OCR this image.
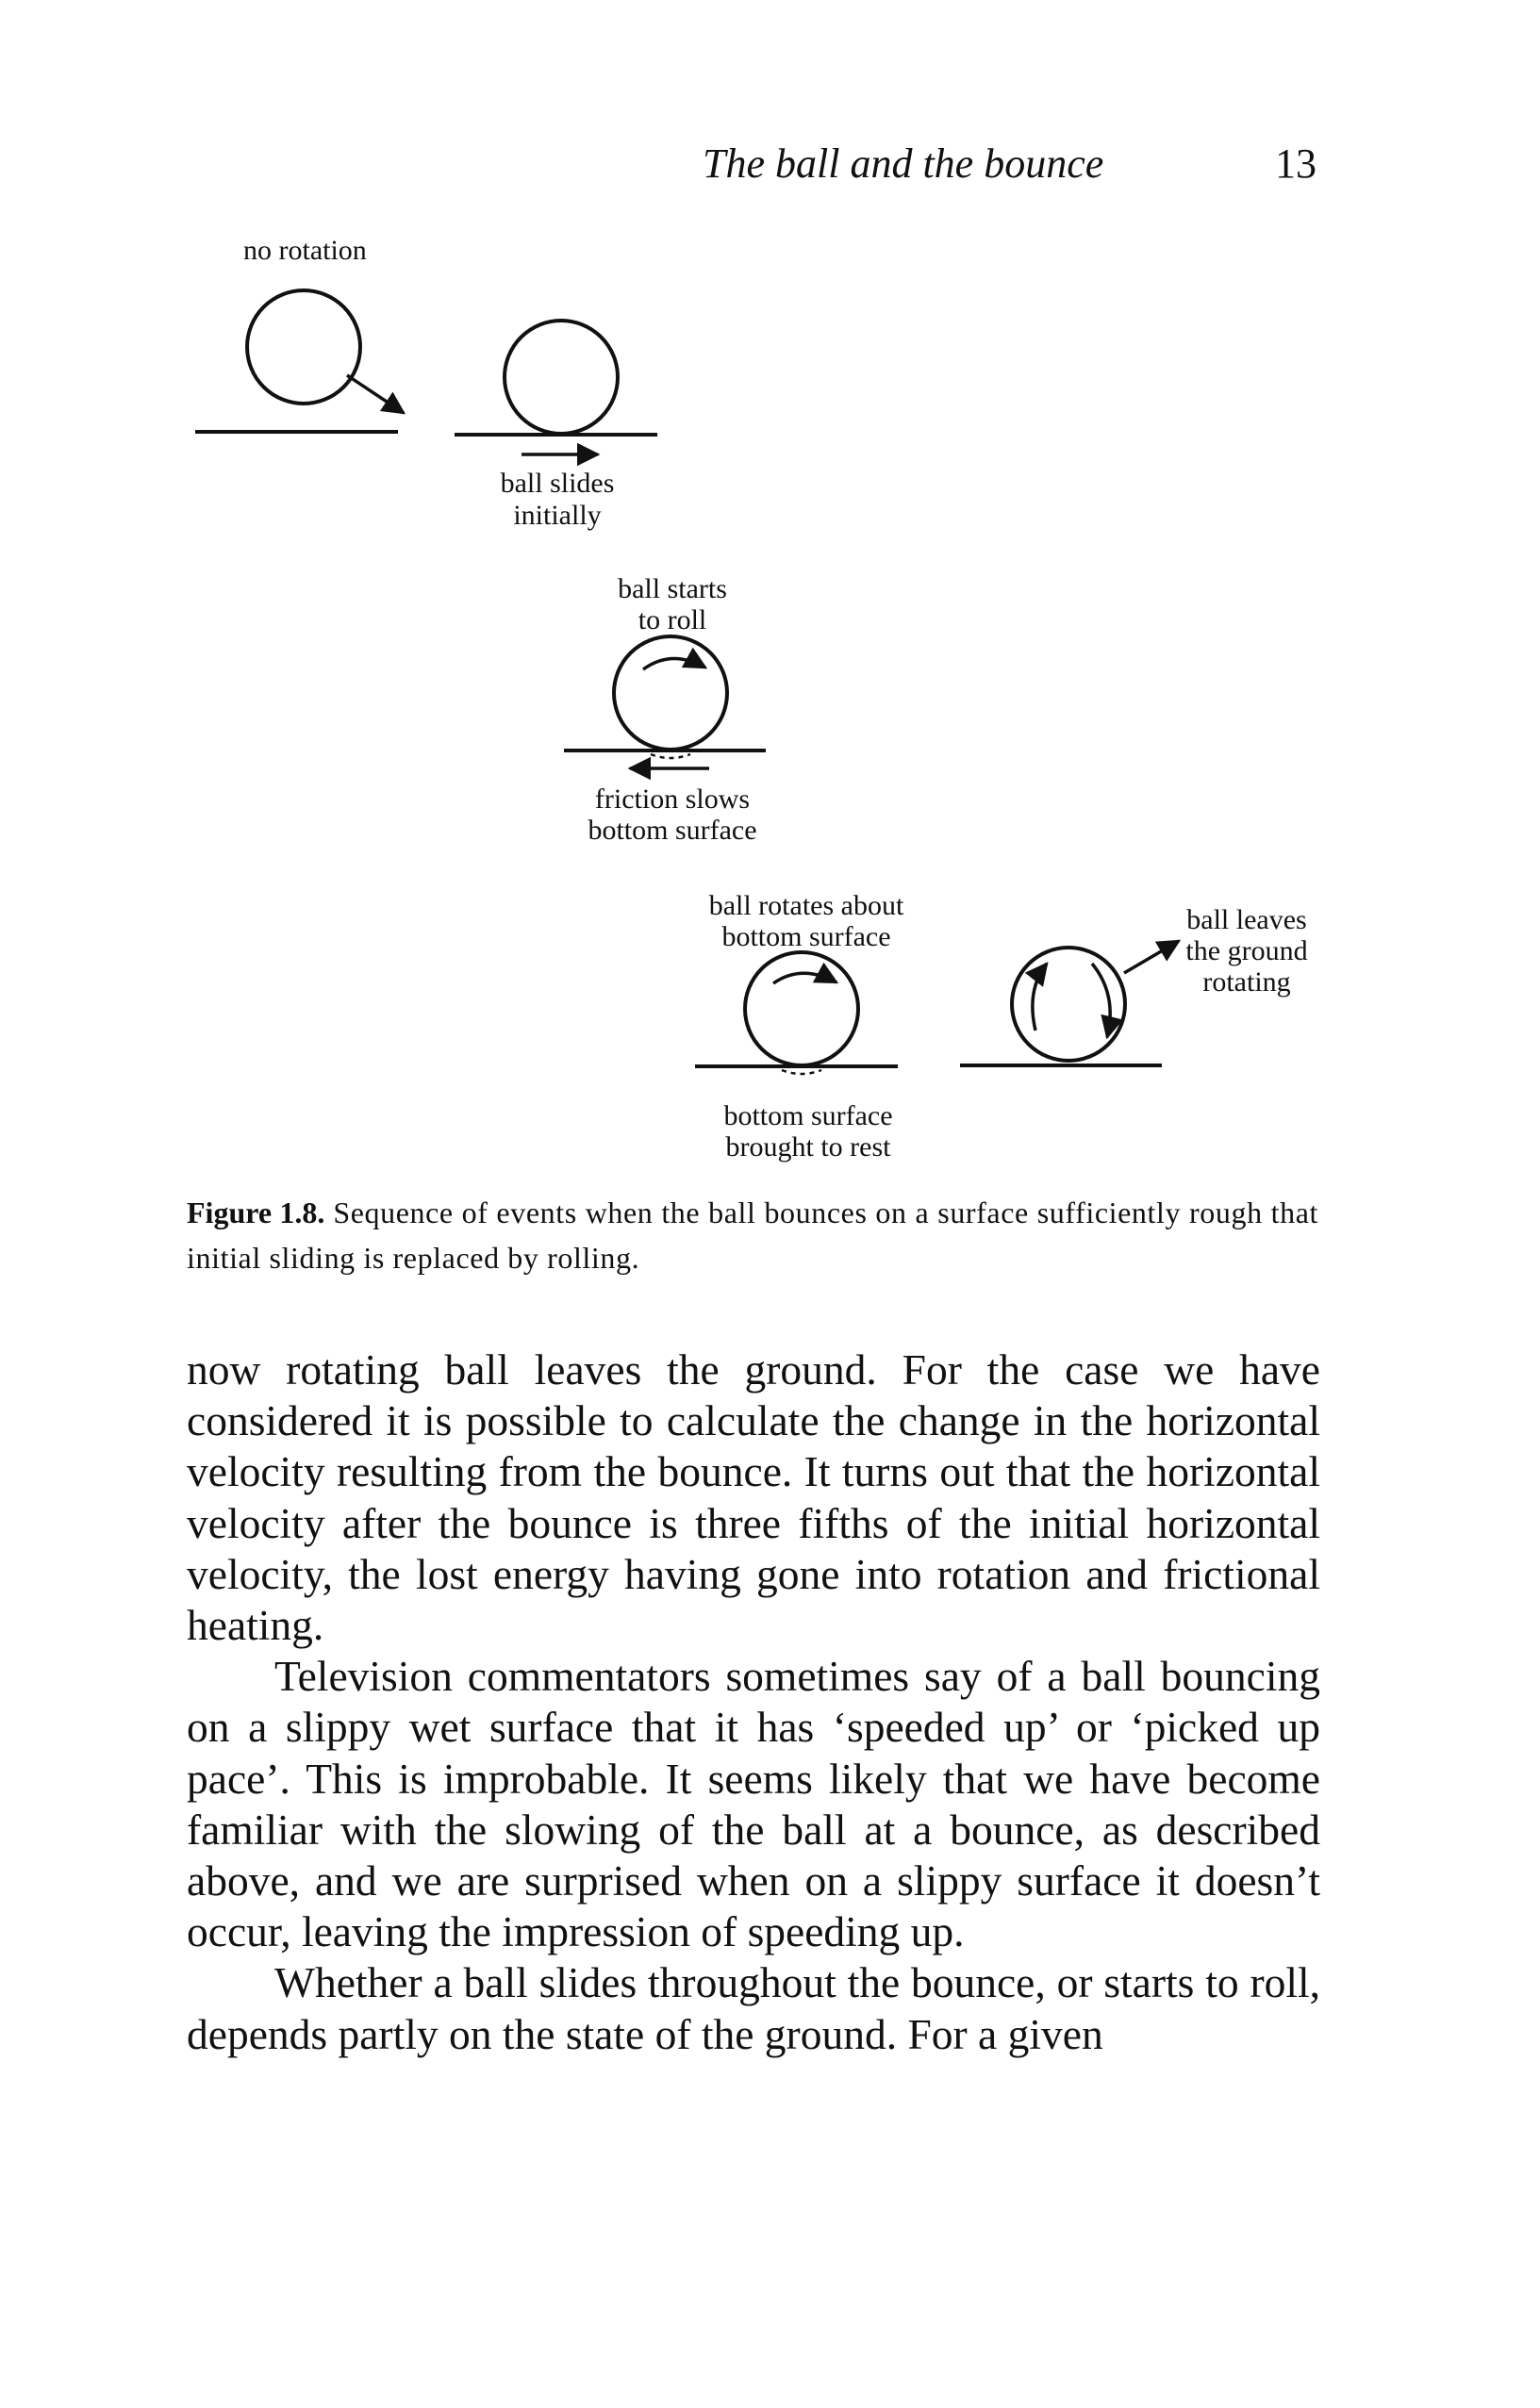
The ball and the bounce	13
no rotation
ball slides
initially
ball starts
to roll
friction slows
bottom surface
ball rotates about
bottom surface
bottom surface
brought to rest
ball leaves
the ground
rotating
Figure 1.8. Sequence of events when the ball bounces on a surface sufficiently rough that initial sliding is replaced by rolling.

now rotating ball leaves the ground. For the case we have considered it is possible to calculate the change in the horizontal velocity resulting from the bounce. It turns out that the horizontal velocity after the bounce is three fifths of the initial horizontal velocity, the lost energy having gone into rotation and frictional heating.

Television commentators sometimes say of a ball bouncing on a slippy wet surface that it has ‘speeded up’ or ‘picked up pace’. This is improbable. It seems likely that we have become familiar with the slowing of the ball at a bounce, as described above, and we are surprised when on a slippy surface it doesn’t occur, leaving the impression of speeding up.

Whether a ball slides throughout the bounce, or starts to roll, depends partly on the state of the ground. For a given
